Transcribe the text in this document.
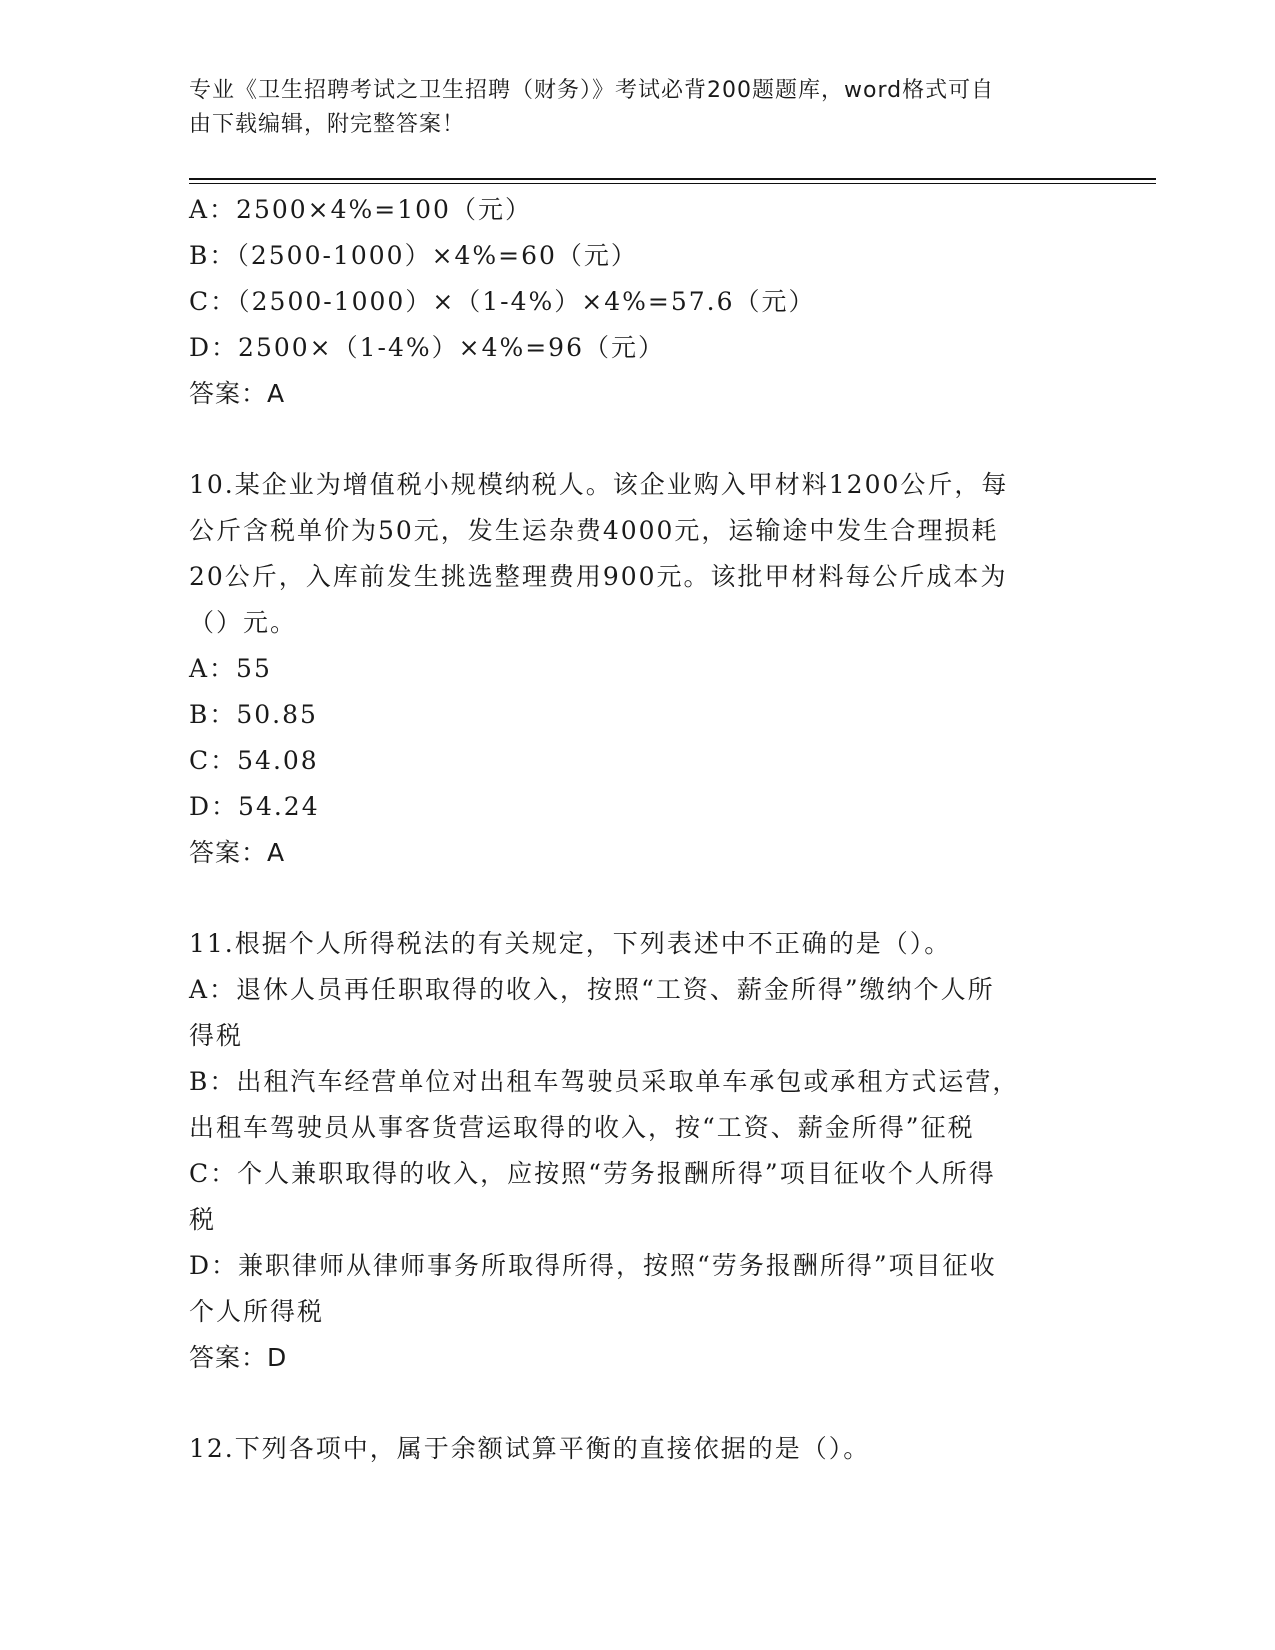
专业《卫生招聘考试之卫生招聘（财务）》考试必背200题题库，word格式可自
由下载编辑，附完整答案！
A：2500×4%=100（元）
B：（2500-1000）×4%=60（元）
C：（2500-1000）×（1-4%）×4%=57.6（元）
D：2500×（1-4%）×4%=96（元）
答案：A
10.某企业为增值税小规模纳税人。该企业购入甲材料1200公斤，每
公斤含税单价为50元，发生运杂费4000元，运输途中发生合理损耗
20公斤，入库前发生挑选整理费用900元。该批甲材料每公斤成本为
（）元。
A：55
B：50.85
C：54.08
D：54.24
答案：A
11.根据个人所得税法的有关规定，下列表述中不正确的是（）。
A：退休人员再任职取得的收入，按照“工资、薪金所得”缴纳个人所
得税
B：出租汽车经营单位对出租车驾驶员采取单车承包或承租方式运营，
出租车驾驶员从事客货营运取得的收入，按“工资、薪金所得”征税
C：个人兼职取得的收入，应按照“劳务报酬所得”项目征收个人所得
税
D：兼职律师从律师事务所取得所得，按照“劳务报酬所得”项目征收
个人所得税
答案：D
12.下列各项中，属于余额试算平衡的直接依据的是（）。
